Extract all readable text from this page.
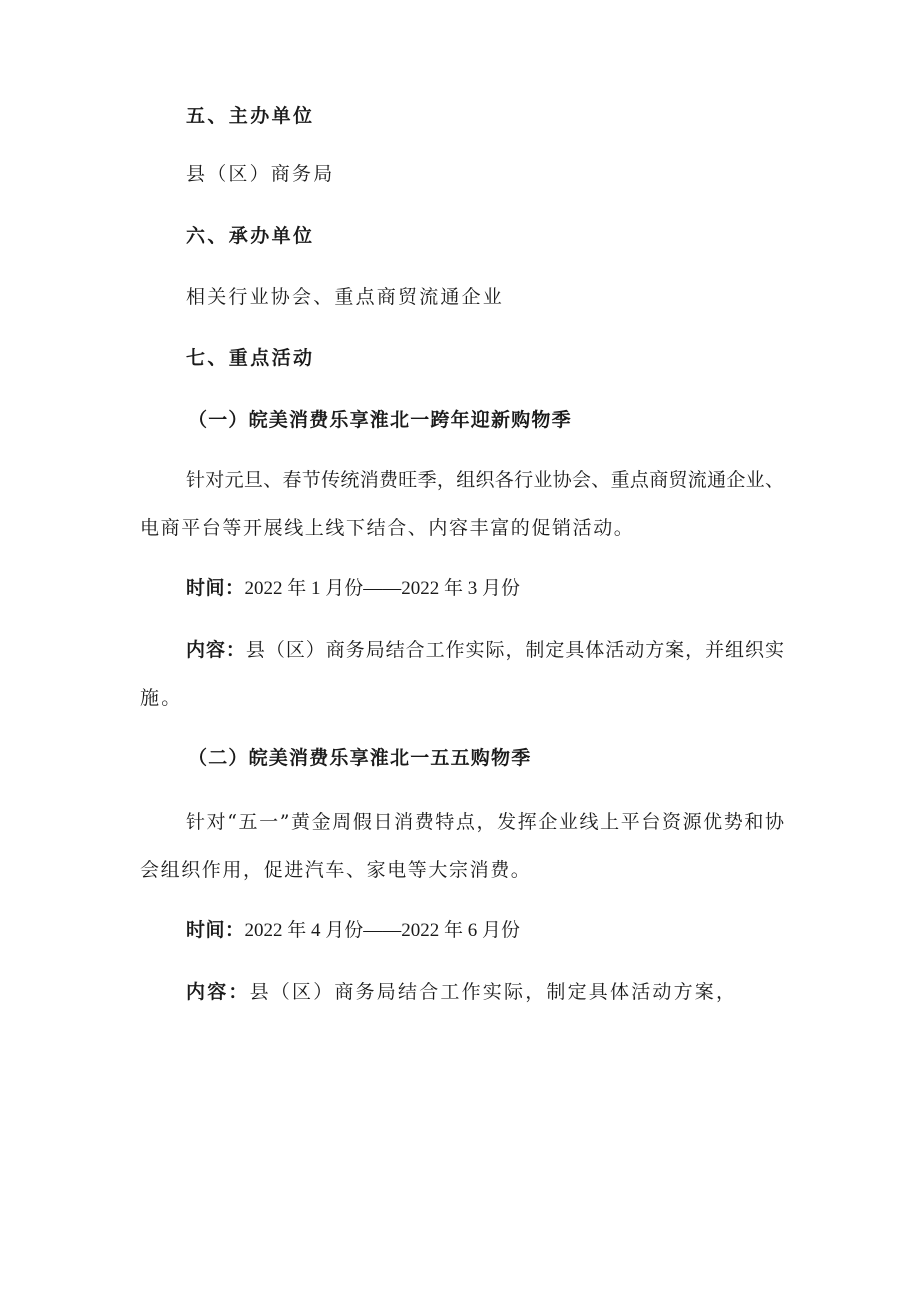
五、主办单位
县（区）商务局
六、承办单位
相关行业协会、重点商贸流通企业
七、重点活动
（一）皖美消费乐享淮北一跨年迎新购物季
针对元旦、春节传统消费旺季，组织各行业协会、重点商贸流通企业、
电商平台等开展线上线下结合、内容丰富的促销活动。
时间：2022 年 1 月份——2022 年 3 月份
内容：县（区）商务局结合工作实际，制定具体活动方案，并组织实
施。
（二）皖美消费乐享淮北一五五购物季
针对“五一”黄金周假日消费特点，发挥企业线上平台资源优势和协
会组织作用，促进汽车、家电等大宗消费。
时间：2022 年 4 月份——2022 年 6 月份
内容：县（区）商务局结合工作实际，制定具体活动方案，
